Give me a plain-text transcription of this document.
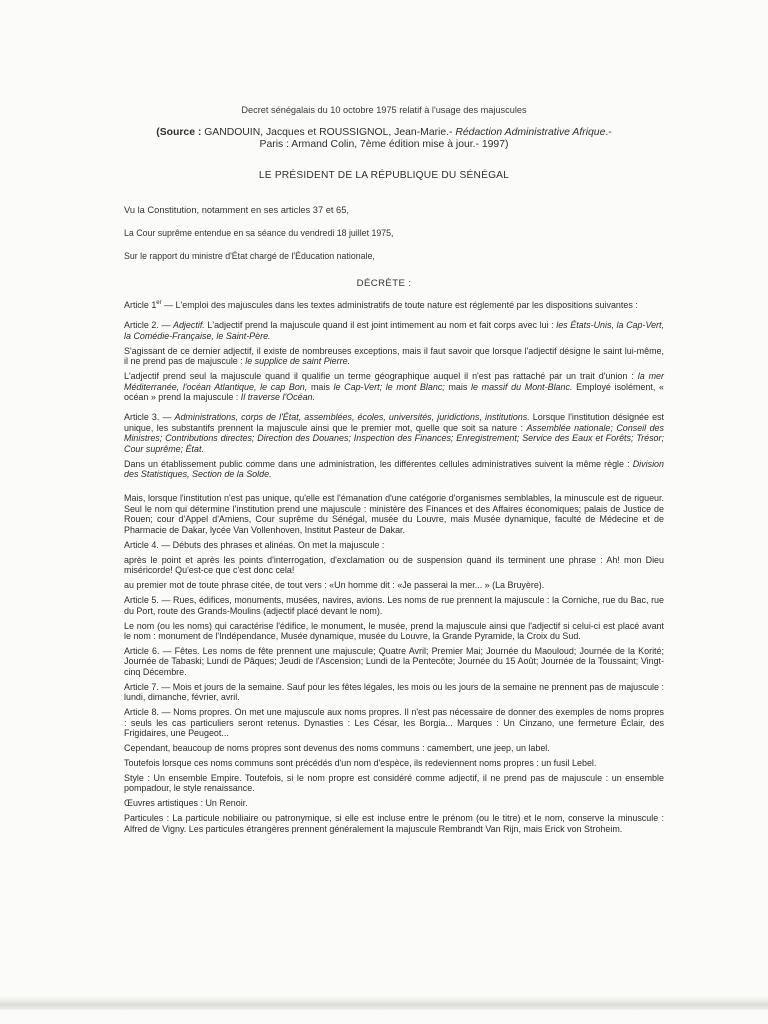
Decret sénégalais du 10 octobre 1975 relatif à l'usage des majuscules
(Source : GANDOUIN, Jacques et ROUSSIGNOL, Jean-Marie.- Rédaction Administrative Afrique.-
Paris : Armand Colin, 7ème édition mise à jour.- 1997)
LE PRÉSIDENT DE LA RÉPUBLIQUE DU SÉNÉGAL
Vu la Constitution, notamment en ses articles 37 et 65,
La Cour suprême entendue en sa séance du vendredi 18 juillet 1975,
Sur le rapport du ministre d'État chargé de l'Éducation nationale,
DÉCRÈTE :

Article 1er — L'emploi des majuscules dans les textes administratifs de toute nature est réglementé par les dispositions suivantes :

Article 2. — Adjectif. L'adjectif prend la majuscule quand il est joint intimement au nom et fait corps avec lui : les États-Unis, la Cap-Vert, la Comédie-Française, le Saint-Père.

S'agissant de ce dernier adjectif, il existe de nombreuses exceptions, mais il faut savoir que lorsque l'adjectif désigne le saint lui-même, il ne prend pas de majuscule : le supplice de saint Pierre.

L'adjectif prend seul la majuscule quand il qualifie un terme géographique auquel il n'est pas rattaché par un trait d'union : la mer Méditerranée, l'océan Atlantique, le cap Bon, mais le Cap-Vert; le mont Blanc; mais le massif du Mont-Blanc. Employé isolément, « océan » prend la majuscule : Il traverse l'Océan.

Article 3. — Administrations, corps de l'État, assemblées, écoles, universités, juridictions, institutions. Lorsque l'institution désignée est unique, les substantifs prennent la majuscule ainsi que le premier mot, quelle que soit sa nature : Assemblée nationale; Conseil des Ministres; Contributions directes; Direction des Douanes; Inspection des Finances; Enregistrement; Service des Eaux et Forêts; Trésor; Cour suprême; État.

Dans un établissement public comme dans une administration, les différentes cellules administratives suivent la même règle : Division des Statistiques, Section de la Solde.

Mais, lorsque l'institution n'est pas unique, qu'elle est l'émanation d'une catégorie d'organismes semblables, la minuscule est de rigueur. Seul le nom qui détermine l'institution prend une majuscule : ministère des Finances et des Affaires économiques; palais de Justice de Rouen; cour d'Appel d'Amiens, Cour suprême du Sénégal, musée du Louvre, mais Musée dynamique, faculté de Médecine et de Pharmacie de Dakar, lycée Van Vollenhoven, Institut Pasteur de Dakar.

Article 4. — Débuts des phrases et alinéas. On met la majuscule :

après le point et après les points d'interrogation, d'exclamation ou de suspension quand ils terminent une phrase : Ah! mon Dieu miséricorde! Qu'est-ce que c'est donc cela!

au premier mot de toute phrase citée, de tout vers : «Un homme dit : «Je passerai la mer... » (La Bruyère).

Article 5. — Rues, édifices, monuments, musées, navires, avions. Les noms de rue prennent la majuscule : la Corniche, rue du Bac, rue du Port, route des Grands-Moulins (adjectif placé devant le nom).

Le nom (ou les noms) qui caractérise l'édifice, le monument, le musée, prend la majuscule ainsi que l'adjectif si celui-ci est placé avant le nom : monument de l'Indépendance, Musée dynamique, musée du Louvre, la Grande Pyramide, la Croix du Sud.

Article 6. — Fêtes. Les noms de fête prennent une majuscule; Quatre Avril; Premier Mai; Journée du Maouloud; Journée de la Korité; Journée de Tabaski; Lundi de Pâques; Jeudi de l'Ascension; Lundi de la Pentecôte; Journée du 15 Août; Journée de la Toussaint; Vingt-cinq Décembre.

Article 7. — Mois et jours de la semaine. Sauf pour les fêtes légales, les mois ou les jours de la semaine ne prennent pas de majuscule : lundi, dimanche, février, avril.

Article 8. — Noms propres. On met une majuscule aux noms propres. Il n'est pas nécessaire de donner des exemples de noms propres : seuls les cas particuliers seront retenus. Dynasties : Les César, les Borgia... Marques : Un Cinzano, une fermeture Éclair, des Frigidaires, une Peugeot...

Cependant, beaucoup de noms propres sont devenus des noms communs : camembert, une jeep, un label.

Toutefois lorsque ces noms communs sont précédés d'un nom d'espèce, ils redeviennent noms propres : un fusil Lebel.

Style : Un ensemble Empire. Toutefois, si le nom propre est considéré comme adjectif, il ne prend pas de majuscule : un ensemble pompadour, le style renaissance.

Œuvres artistiques : Un Renoir.

Particules : La particule nobiliaire ou patronymique, si elle est incluse entre le prénom (ou le titre) et le nom, conserve la minuscule : Alfred de Vigny. Les particules étrangères prennent généralement la majuscule Rembrandt Van Rijn, mais Erick von Stroheim.
